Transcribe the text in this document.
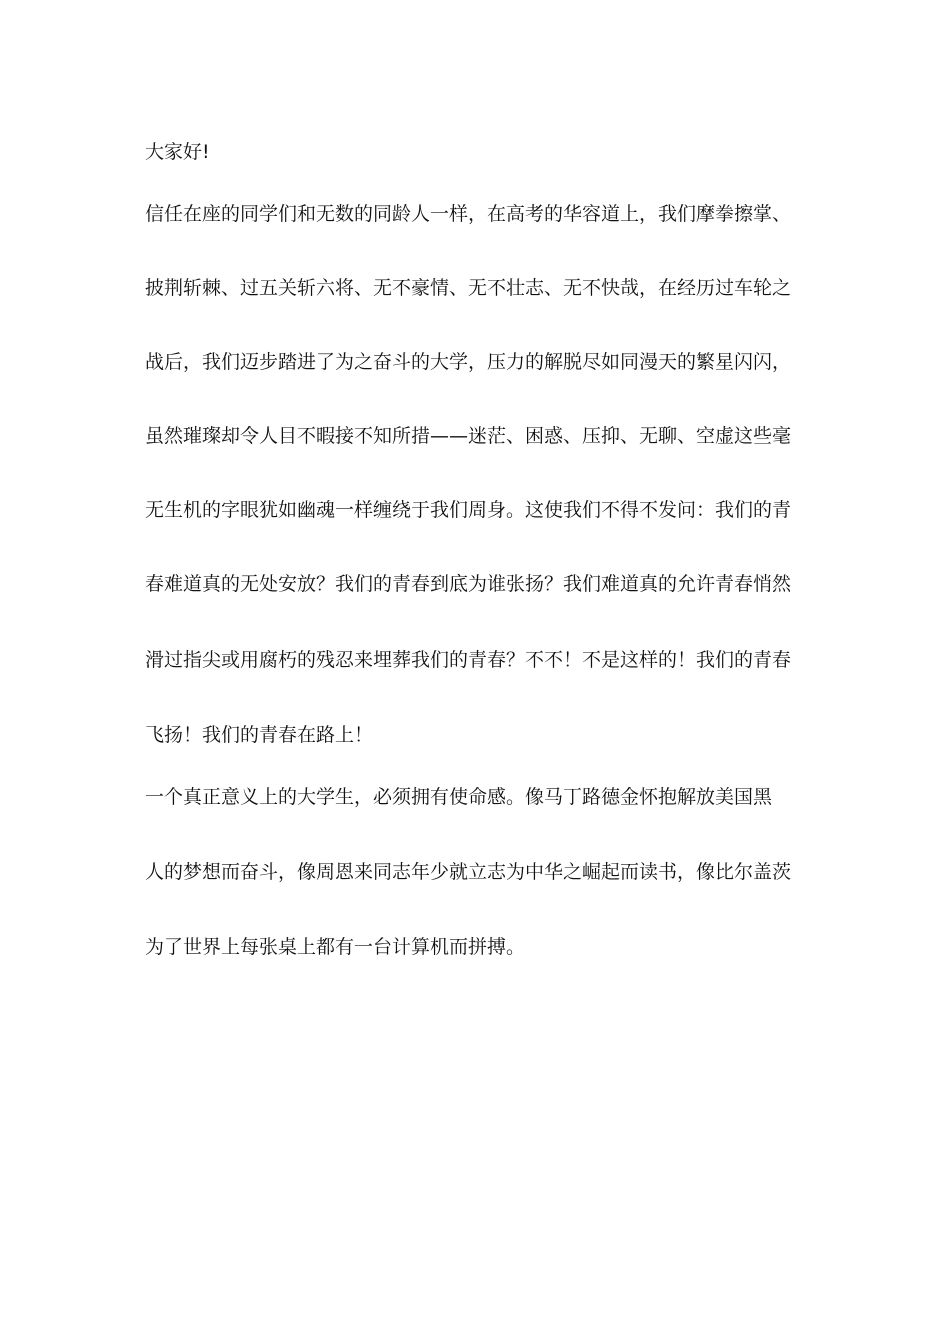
大家好!
信任在座的同学们和无数的同龄人一样，在高考的华容道上，我们摩拳擦掌、
披荆斩棘、过五关斩六将、无不豪情、无不壮志、无不快哉，在经历过车轮之
战后，我们迈步踏进了为之奋斗的大学，压力的解脱尽如同漫天的繁星闪闪，
虽然璀璨却令人目不暇接不知所措——迷茫、困惑、压抑、无聊、空虚这些毫
无生机的字眼犹如幽魂一样缠绕于我们周身。这使我们不得不发问：我们的青
春难道真的无处安放？我们的青春到底为谁张扬？我们难道真的允许青春悄然
滑过指尖或用腐朽的残忍来埋葬我们的青春？不不！不是这样的！我们的青春
飞扬！我们的青春在路上！
一个真正意义上的大学生，必须拥有使命感。像马丁路德金怀抱解放美国黑
人的梦想而奋斗，像周恩来同志年少就立志为中华之崛起而读书，像比尔盖茨
为了世界上每张桌上都有一台计算机而拼搏。
